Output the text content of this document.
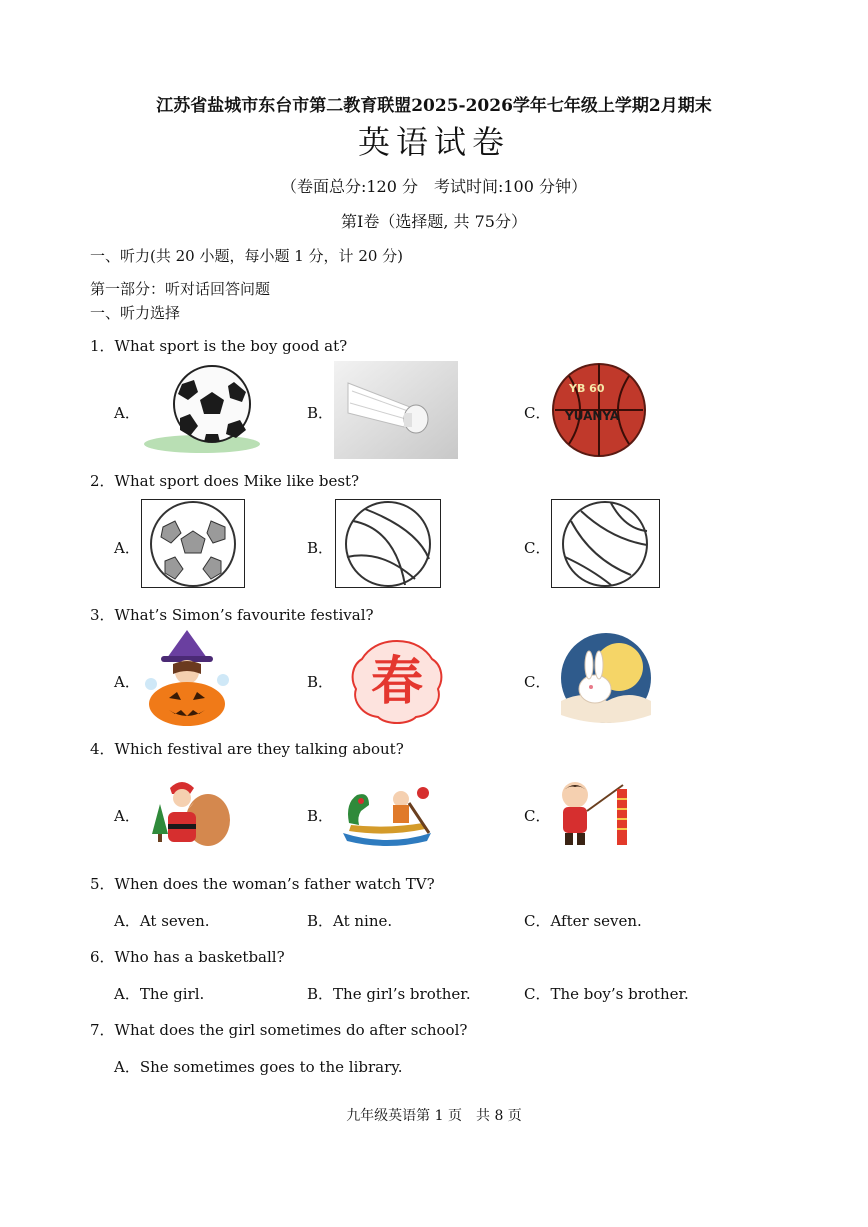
江苏省盐城市东台市第二教育联盟2025-2026学年七年级上学期2月期末
英语试卷
（卷面总分:120 分　考试时间:100 分钟）
第Ⅰ卷（选择题, 共 75分）
一、听力(共 20 小题，每小题 1 分，计 20 分)
第一部分：听对话回答问题
一、听力选择
1．What sport is the boy good at?
A．	B．	C．
YB 60
YUANYA
2．What sport does Mike like best?
A．	B．	C．
3．What’s Simon’s favourite festival?
A．	B．	C．
春
4．Which festival are they talking about?
A．	B．	C．
5．When does the woman’s father watch TV?
A．At seven.	B．At nine.	C．After seven.
6．Who has a basketball?
A．The girl.	B．The girl’s brother.	C．The boy’s brother.
7．What does the girl sometimes do after school?
A．She sometimes goes to the library.
九年级英语第 1 页　共 8 页
